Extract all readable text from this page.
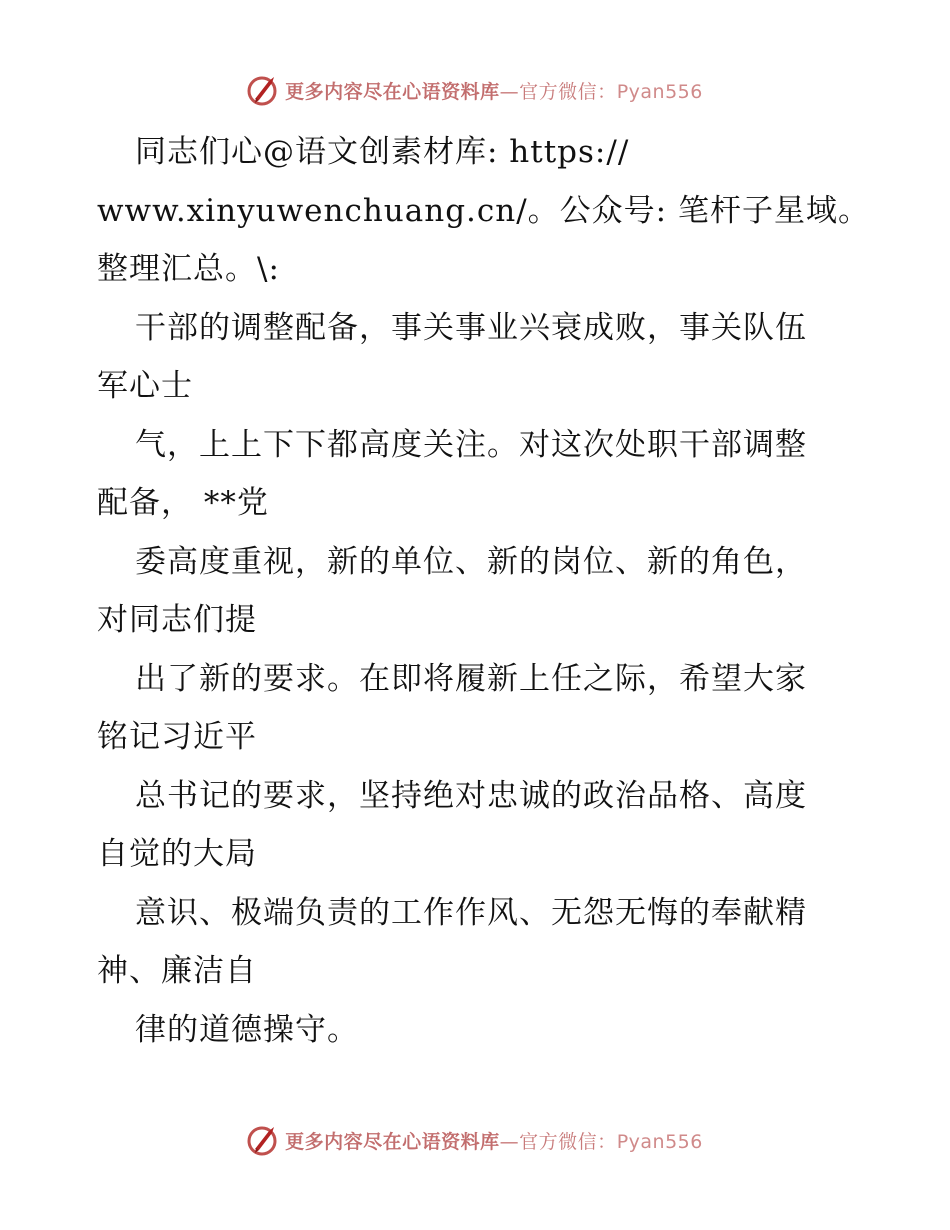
更多内容尽在心语资料库—官方微信：Pyan556
同志们心@语文创素材库: https://
www.xinyuwenchuang.cn/。公众号: 笔杆子星域。
整理汇总。\:
干部的调整配备，事关事业兴衰成败，事关队伍
军心士
气，上上下下都高度关注。对这次处职干部调整
配备， **党
委高度重视，新的单位、新的岗位、新的角色，
对同志们提
出了新的要求。在即将履新上任之际，希望大家
铭记习近平
总书记的要求，坚持绝对忠诚的政治品格、高度
自觉的大局
意识、极端负责的工作作风、无怨无悔的奉献精
神、廉洁自
律的道德操守。
更多内容尽在心语资料库—官方微信：Pyan556
